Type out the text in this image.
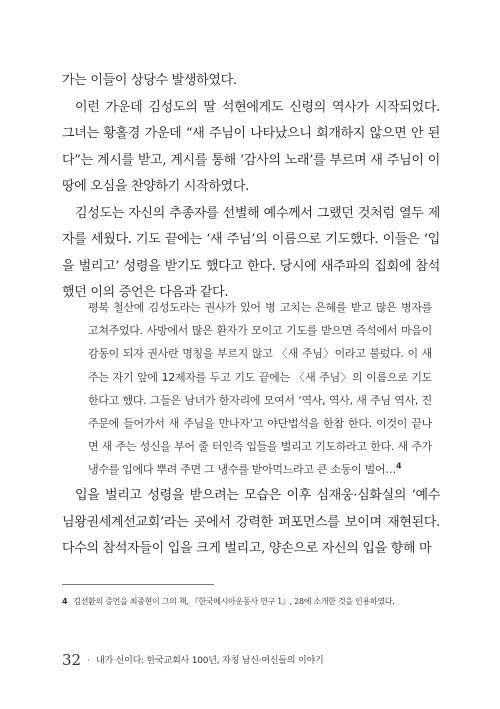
가는 이들이 상당수 발생하였다.

이런 가운데 김성도의 딸 석현에게도 신령의 역사가 시작되었다. 그녀는 황홀경 가운데 “새 주님이 나타났으니 회개하지 않으면 안 된다”는 계시를 받고, 계시를 통해 ‘감사의 노래’를 부르며 새 주님이 이 땅에 오심을 찬양하기 시작하였다.

김성도는 자신의 추종자를 선별해 예수께서 그랬던 것처럼 열두 제자를 세웠다. 기도 끝에는 ‘새 주님’의 이름으로 기도했다. 이들은 ‘입을 벌리고’ 성령을 받기도 했다고 한다. 당시에 새주파의 집회에 참석했던 이의 증언은 다음과 같다.

평북 철산에 김성도라는 권사가 있어 병 고치는 은혜를 받고 많은 병자를 고쳐주었다. 사방에서 많은 환자가 모이고 기도를 받으면 즉석에서 마음이 감동이 되자 권사란 명칭을 부르지 않고 〈새 주님〉이라고 불렀다. 이 새 주는 자기 앞에 12제자를 두고 기도 끝에는 〈새 주님〉의 이름으로 기도한다고 했다. 그들은 남녀가 한자리에 모여서 ‘역사, 역사, 새 주님 역사, 진주문에 들어가서 새 주님을 만나자’고 야단법석을 한참 한다. 이것이 끝나면 새 주는 성신을 부어 줄 터인즉 입들을 벌리고 기도하라고 한다. 새 주가 냉수를 입에다 뿌려 주면 그 냉수를 받아먹느라고 큰 소동이 벌어…$^4$

입을 벌리고 성령을 받으려는 모습은 이후 심재웅·심화실의 ‘예수님왕권세계선교회’라는 곳에서 강력한 퍼포먼스를 보이며 재현된다. 다수의 참석자들이 입을 크게 벌리고, 양손으로 자신의 입을 향해 마

4 김선환의 증언을 최중현이 그의 책, 『한국메시아운동사 연구 1』, 28에 소개한 것을 인용하였다.
32 · 내가 신이다: 한국교회사 100년, 자칭 남신·여신들의 이야기
